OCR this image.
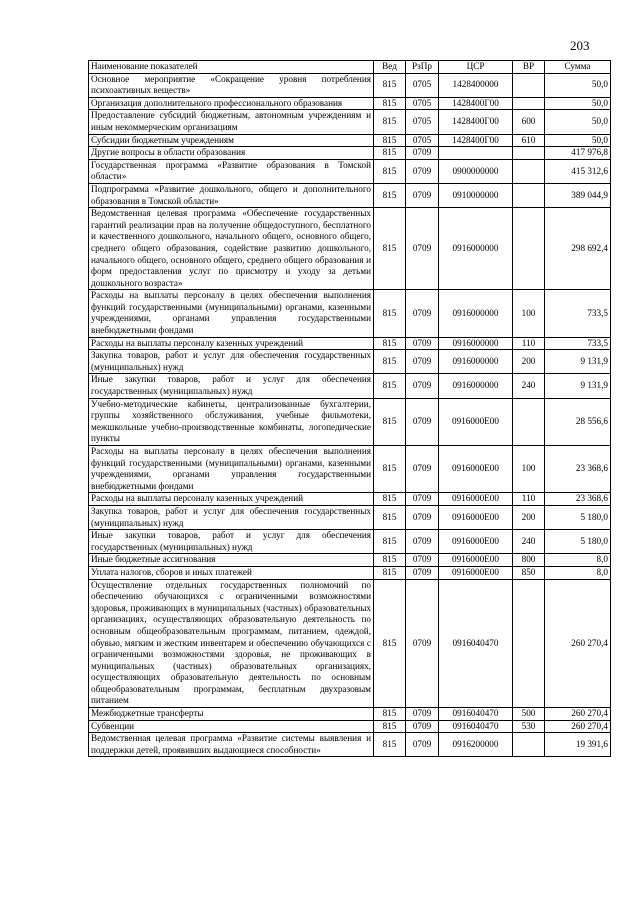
203
Наименование показателей	Вед	РзПр	ЦСР	ВР	Сумма
Основное мероприятие «Сокращение уровня потребления психоактивных веществ»	815	0705	1428400000		50,0
Организация дополнительного профессионального образования	815	0705	1428400Г00		50,0
Предоставление субсидий бюджетным, автономным учреждениям и иным некоммерческим организациям	815	0705	1428400Г00	600	50,0
Субсидии бюджетным учреждениям	815	0705	1428400Г00	610	50,0
Другие вопросы в области образования	815	0709			417 976,8
Государственная программа «Развитие образования в Томской области»	815	0709	0900000000		415 312,6
Подпрограмма «Развитие дошкольного, общего и дополнительного образования в Томской области»	815	0709	0910000000		389 044,9
Ведомственная целевая программа «Обеспечение государственных гарантий реализации прав на получение общедоступного, бесплатного и качественного дошкольного, начального общего, основного общего, среднего общего образования, содействие развитию дошкольного, начального общего, основного общего, среднего общего образования и форм предоставления услуг по присмотру и уходу за детьми дошкольного возраста»	815	0709	0916000000		298 692,4
Расходы на выплаты персоналу в целях обеспечения выполнения функций государственными (муниципальными) органами, казенными учреждениями, органами управления государственными внебюджетными фондами	815	0709	0916000000	100	733,5
Расходы на выплаты персоналу казенных учреждений	815	0709	0916000000	110	733,5
Закупка товаров, работ и услуг для обеспечения государственных (муниципальных) нужд	815	0709	0916000000	200	9 131,9
Иные закупки товаров, работ и услуг для обеспечения государственных (муниципальных) нужд	815	0709	0916000000	240	9 131,9
Учебно-методические кабинеты, централизованные бухгалтерии, группы хозяйственного обслуживания, учебные фильмотеки, межшкольные учебно-производственные комбинаты, логопедические пункты	815	0709	0916000Е00		28 556,6
Расходы на выплаты персоналу в целях обеспечения выполнения функций государственными (муниципальными) органами, казенными учреждениями, органами управления государственными внебюджетными фондами	815	0709	0916000Е00	100	23 368,6
Расходы на выплаты персоналу казенных учреждений	815	0709	0916000Е00	110	23 368,6
Закупка товаров, работ и услуг для обеспечения государственных (муниципальных) нужд	815	0709	0916000Е00	200	5 180,0
Иные закупки товаров, работ и услуг для обеспечения государственных (муниципальных) нужд	815	0709	0916000Е00	240	5 180,0
Иные бюджетные ассигнования	815	0709	0916000Е00	800	8,0
Уплата налогов, сборов и иных платежей	815	0709	0916000Е00	850	8,0
Осуществление отдельных государственных полномочий по обеспечению обучающихся с ограниченными возможностями здоровья, проживающих в муниципальных (частных) образовательных организациях, осуществляющих образовательную деятельность по основным общеобразовательным программам, питанием, одеждой, обувью, мягким и жестким инвентарем и обеспечению обучающихся с ограниченными возможностями здоровья, не проживающих в муниципальных (частных) образовательных организациях, осуществляющих образовательную деятельность по основным общеобразовательным программам, бесплатным двухразовым питанием	815	0709	0916040470		260 270,4
Межбюджетные трансферты	815	0709	0916040470	500	260 270,4
Субвенции	815	0709	0916040470	530	260 270,4
Ведомственная целевая программа «Развитие системы выявления и поддержки детей, проявивших выдающиеся способности»	815	0709	0916200000		19 391,6
